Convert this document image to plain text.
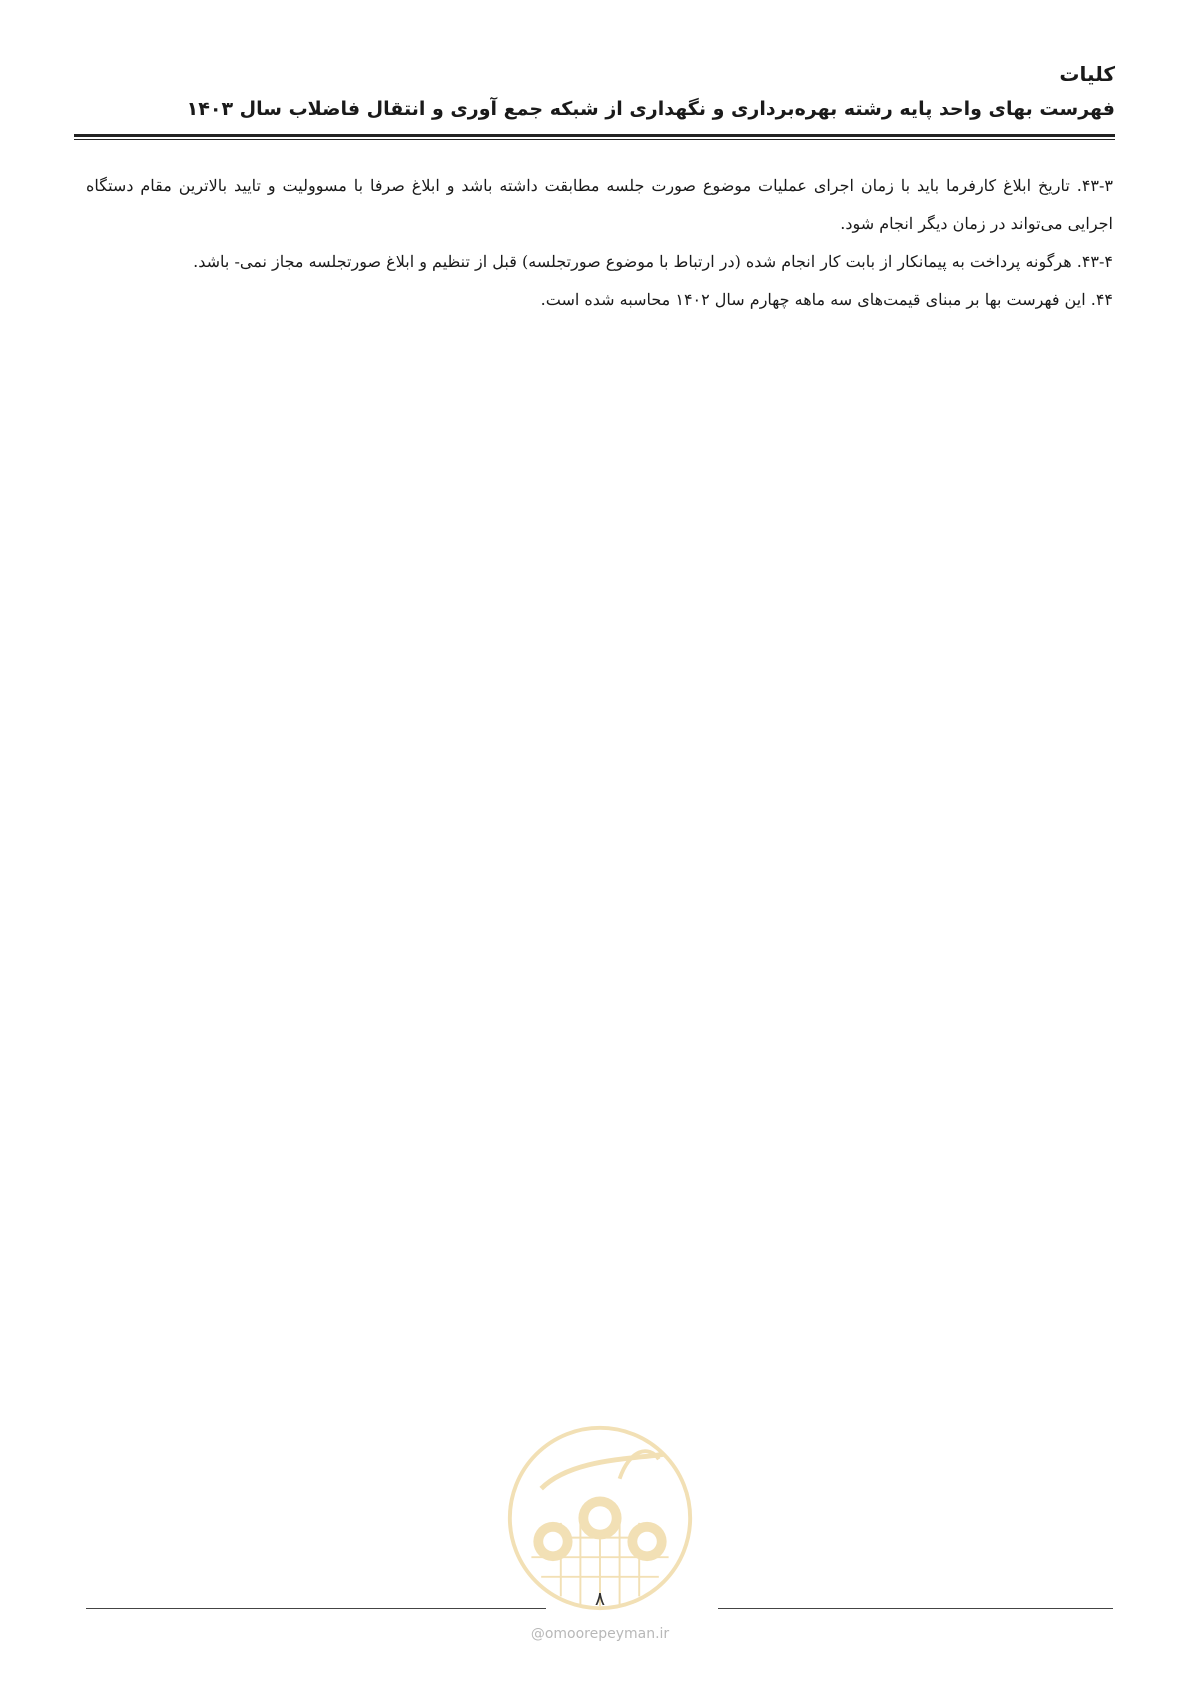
کلیات
فهرست بهای واحد پایه رشته بهره‌برداری و نگهداری از شبکه جمع آوری و انتقال فاضلاب سال ۱۴۰۳

۴۳-۳. تاریخ ابلاغ کارفرما باید با زمان اجرای عملیات موضوع صورت جلسه مطابقت داشته باشد و ابلاغ صرفا با مسوولیت و تایید بالاترین مقام دستگاه اجرایی می‌تواند در زمان دیگر انجام شود.

۴۳-۴. هرگونه پرداخت به پیمانکار از بابت کار انجام شده (در ارتباط با موضوع صورتجلسه) قبل از تنظیم و ابلاغ صورتجلسه مجاز نمی- باشد.

۴۴. این فهرست بها بر مبنای قیمت‌های سه ماهه چهارم سال ۱۴۰۲ محاسبه شده است.

۸
@omoorepeyman.ir
